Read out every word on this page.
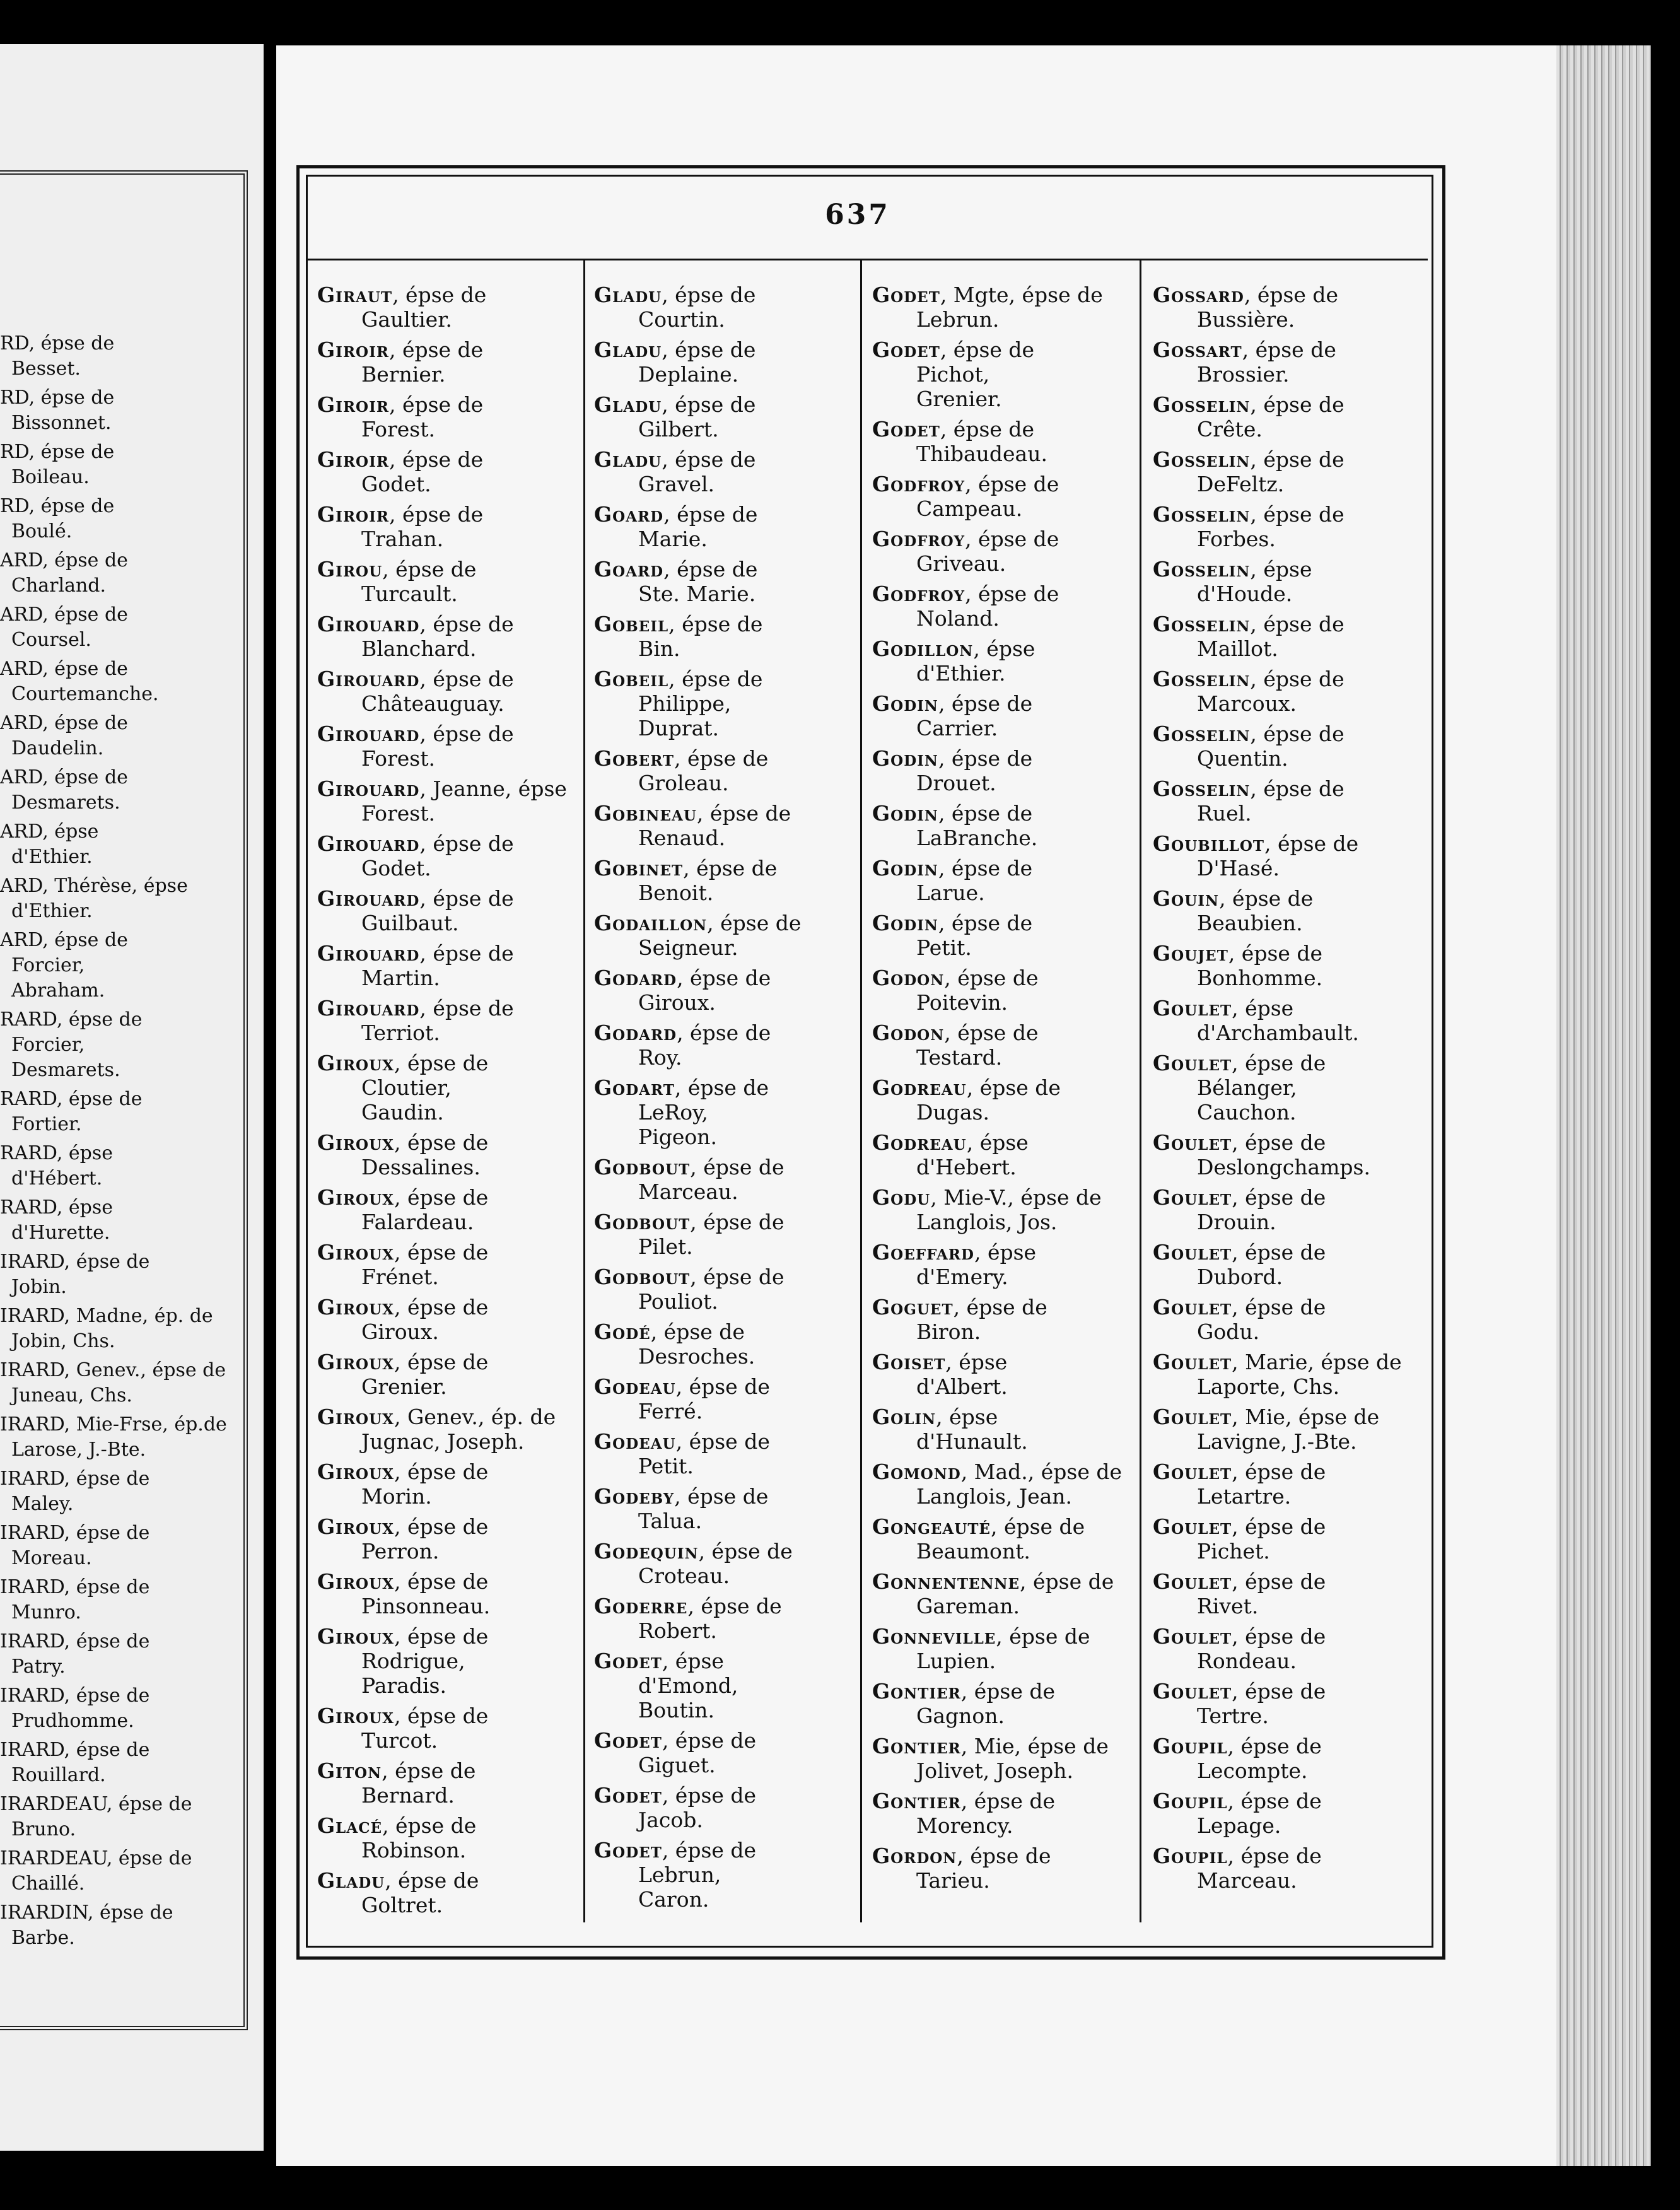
RD, épse de
Besset.
RD, épse de
Bissonnet.
RD, épse de
Boileau.
RD, épse de
Boulé.
ARD, épse de
Charland.
ARD, épse de
Coursel.
ARD, épse de
Courtemanche.
ARD, épse de
Daudelin.
ARD, épse de
Desmarets.
ARD, épse
d'Ethier.
ARD, Thérèse, épse
d'Ethier.
ARD, épse de
Forcier,
Abraham.
RARD, épse de
Forcier,
Desmarets.
RARD, épse de
Fortier.
RARD, épse
d'Hébert.
RARD, épse
d'Hurette.
IRARD, épse de
Jobin.
IRARD, Madne, ép. de
Jobin, Chs.
IRARD, Genev., épse de
Juneau, Chs.
IRARD, Mie-Frse, ép.de
Larose, J.-Bte.
IRARD, épse de
Maley.
IRARD, épse de
Moreau.
IRARD, épse de
Munro.
IRARD, épse de
Patry.
IRARD, épse de
Prudhomme.
IRARD, épse de
Rouillard.
IRARDEAU, épse de
Bruno.
IRARDEAU, épse de
Chaillé.
IRARDIN, épse de
Barbe.
637
Giraut, épse de
Gaultier.
Giroir, épse de
Bernier.
Giroir, épse de
Forest.
Giroir, épse de
Godet.
Giroir, épse de
Trahan.
Girou, épse de
Turcault.
Girouard, épse de
Blanchard.
Girouard, épse de
Châteauguay.
Girouard, épse de
Forest.
Girouard, Jeanne, épse
Forest.
Girouard, épse de
Godet.
Girouard, épse de
Guilbaut.
Girouard, épse de
Martin.
Girouard, épse de
Terriot.
Giroux, épse de
Cloutier,
Gaudin.
Giroux, épse de
Dessalines.
Giroux, épse de
Falardeau.
Giroux, épse de
Frénet.
Giroux, épse de
Giroux.
Giroux, épse de
Grenier.
Giroux, Genev., ép. de
Jugnac, Joseph.
Giroux, épse de
Morin.
Giroux, épse de
Perron.
Giroux, épse de
Pinsonneau.
Giroux, épse de
Rodrigue,
Paradis.
Giroux, épse de
Turcot.
Giton, épse de
Bernard.
Glacé, épse de
Robinson.
Gladu, épse de
Goltret.
Gladu, épse de
Courtin.
Gladu, épse de
Deplaine.
Gladu, épse de
Gilbert.
Gladu, épse de
Gravel.
Goard, épse de
Marie.
Goard, épse de
Ste. Marie.
Gobeil, épse de
Bin.
Gobeil, épse de
Philippe,
Duprat.
Gobert, épse de
Groleau.
Gobineau, épse de
Renaud.
Gobinet, épse de
Benoit.
Godaillon, épse de
Seigneur.
Godard, épse de
Giroux.
Godard, épse de
Roy.
Godart, épse de
LeRoy,
Pigeon.
Godbout, épse de
Marceau.
Godbout, épse de
Pilet.
Godbout, épse de
Pouliot.
Godé, épse de
Desroches.
Godeau, épse de
Ferré.
Godeau, épse de
Petit.
Godeby, épse de
Talua.
Godequin, épse de
Croteau.
Goderre, épse de
Robert.
Godet, épse
d'Emond,
Boutin.
Godet, épse de
Giguet.
Godet, épse de
Jacob.
Godet, épse de
Lebrun,
Caron.
Godet, Mgte, épse de
Lebrun.
Godet, épse de
Pichot,
Grenier.
Godet, épse de
Thibaudeau.
Godfroy, épse de
Campeau.
Godfroy, épse de
Griveau.
Godfroy, épse de
Noland.
Godillon, épse
d'Ethier.
Godin, épse de
Carrier.
Godin, épse de
Drouet.
Godin, épse de
LaBranche.
Godin, épse de
Larue.
Godin, épse de
Petit.
Godon, épse de
Poitevin.
Godon, épse de
Testard.
Godreau, épse de
Dugas.
Godreau, épse
d'Hebert.
Godu, Mie-V., épse de
Langlois, Jos.
Goeffard, épse
d'Emery.
Goguet, épse de
Biron.
Goiset, épse
d'Albert.
Golin, épse
d'Hunault.
Gomond, Mad., épse de
Langlois, Jean.
Gongeauté, épse de
Beaumont.
Gonnentenne, épse de
Gareman.
Gonneville, épse de
Lupien.
Gontier, épse de
Gagnon.
Gontier, Mie, épse de
Jolivet, Joseph.
Gontier, épse de
Morency.
Gordon, épse de
Tarieu.
Gossard, épse de
Bussière.
Gossart, épse de
Brossier.
Gosselin, épse de
Crête.
Gosselin, épse de
DeFeltz.
Gosselin, épse de
Forbes.
Gosselin, épse
d'Houde.
Gosselin, épse de
Maillot.
Gosselin, épse de
Marcoux.
Gosselin, épse de
Quentin.
Gosselin, épse de
Ruel.
Goubillot, épse de
D'Hasé.
Gouin, épse de
Beaubien.
Goujet, épse de
Bonhomme.
Goulet, épse
d'Archambault.
Goulet, épse de
Bélanger,
Cauchon.
Goulet, épse de
Deslongchamps.
Goulet, épse de
Drouin.
Goulet, épse de
Dubord.
Goulet, épse de
Godu.
Goulet, Marie, épse de
Laporte, Chs.
Goulet, Mie, épse de
Lavigne, J.-Bte.
Goulet, épse de
Letartre.
Goulet, épse de
Pichet.
Goulet, épse de
Rivet.
Goulet, épse de
Rondeau.
Goulet, épse de
Tertre.
Goupil, épse de
Lecompte.
Goupil, épse de
Lepage.
Goupil, épse de
Marceau.
